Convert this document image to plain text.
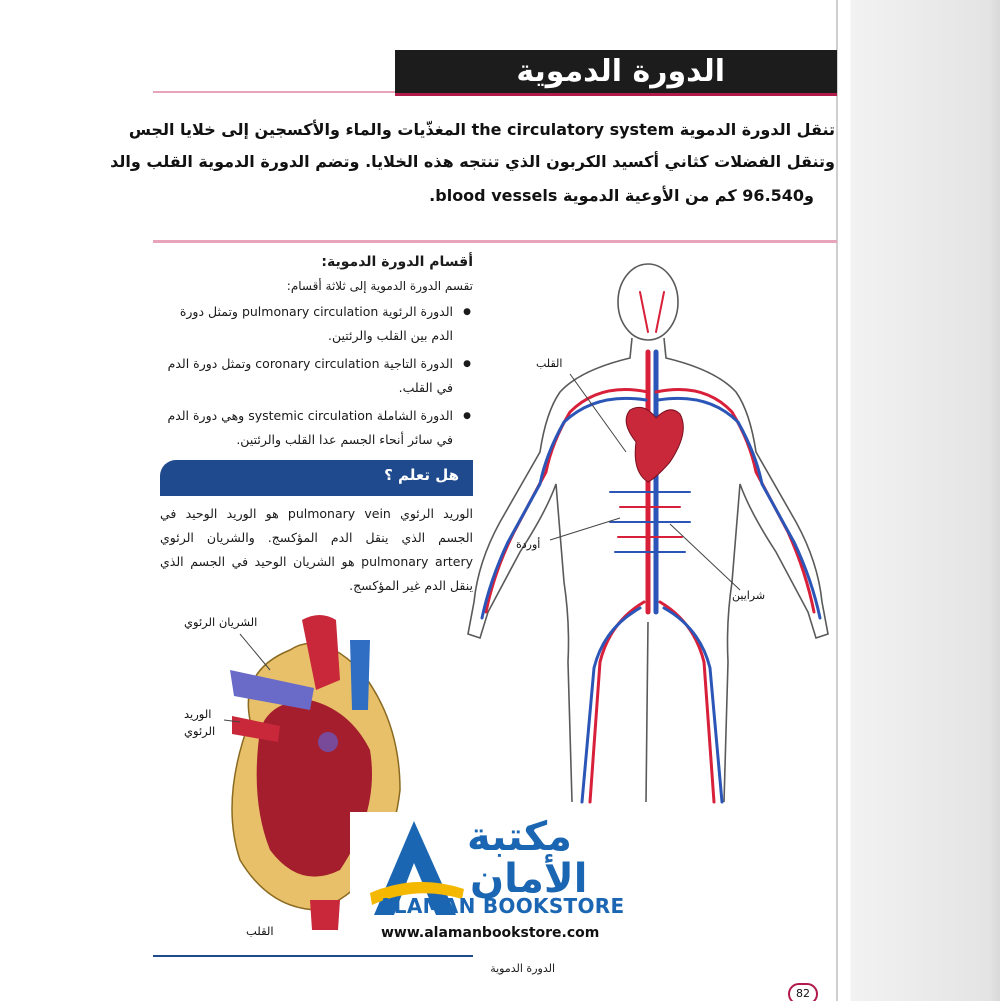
الدورة الدموية
تنقل الدورة الدموية the circulatory system المغذّيات والماء والأكسجين إلى خلايا الجس
وتنقل الفضلات كثاني أكسيد الكربون الذي تنتجه هذه الخلايا. وتضم الدورة الدموية القلب والد
و96.540 كم من الأوعية الدموية blood vessels.
أقسام الدورة الدموية:
تقسم الدورة الدموية إلى ثلاثة أقسام:
● الدورة الرئوية pulmonary circulation وتمثل دورة الدم بين القلب والرئتين.
● الدورة التاجية coronary circulation وتمثل دورة الدم في القلب.
● الدورة الشاملة systemic circulation وهي دورة الدم في سائر أنحاء الجسم عدا القلب والرئتين.
هل تعلم ؟
الوريد الرئوي pulmonary vein هو الوريد الوحيد في الجسم الذي ينقل الدم المؤكسج. والشريان الرئوي pulmonary artery هو الشريان الوحيد في الجسم الذي ينقل الدم غير المؤكسج.
القلب
أوردة
شرايين
الشريان الرئوي
الوريد
الرئوي
القلب
مكتبة
الأمان
ALAMAN BOOKSTORE
www.alamanbookstore.com
الدورة الدموية
82
